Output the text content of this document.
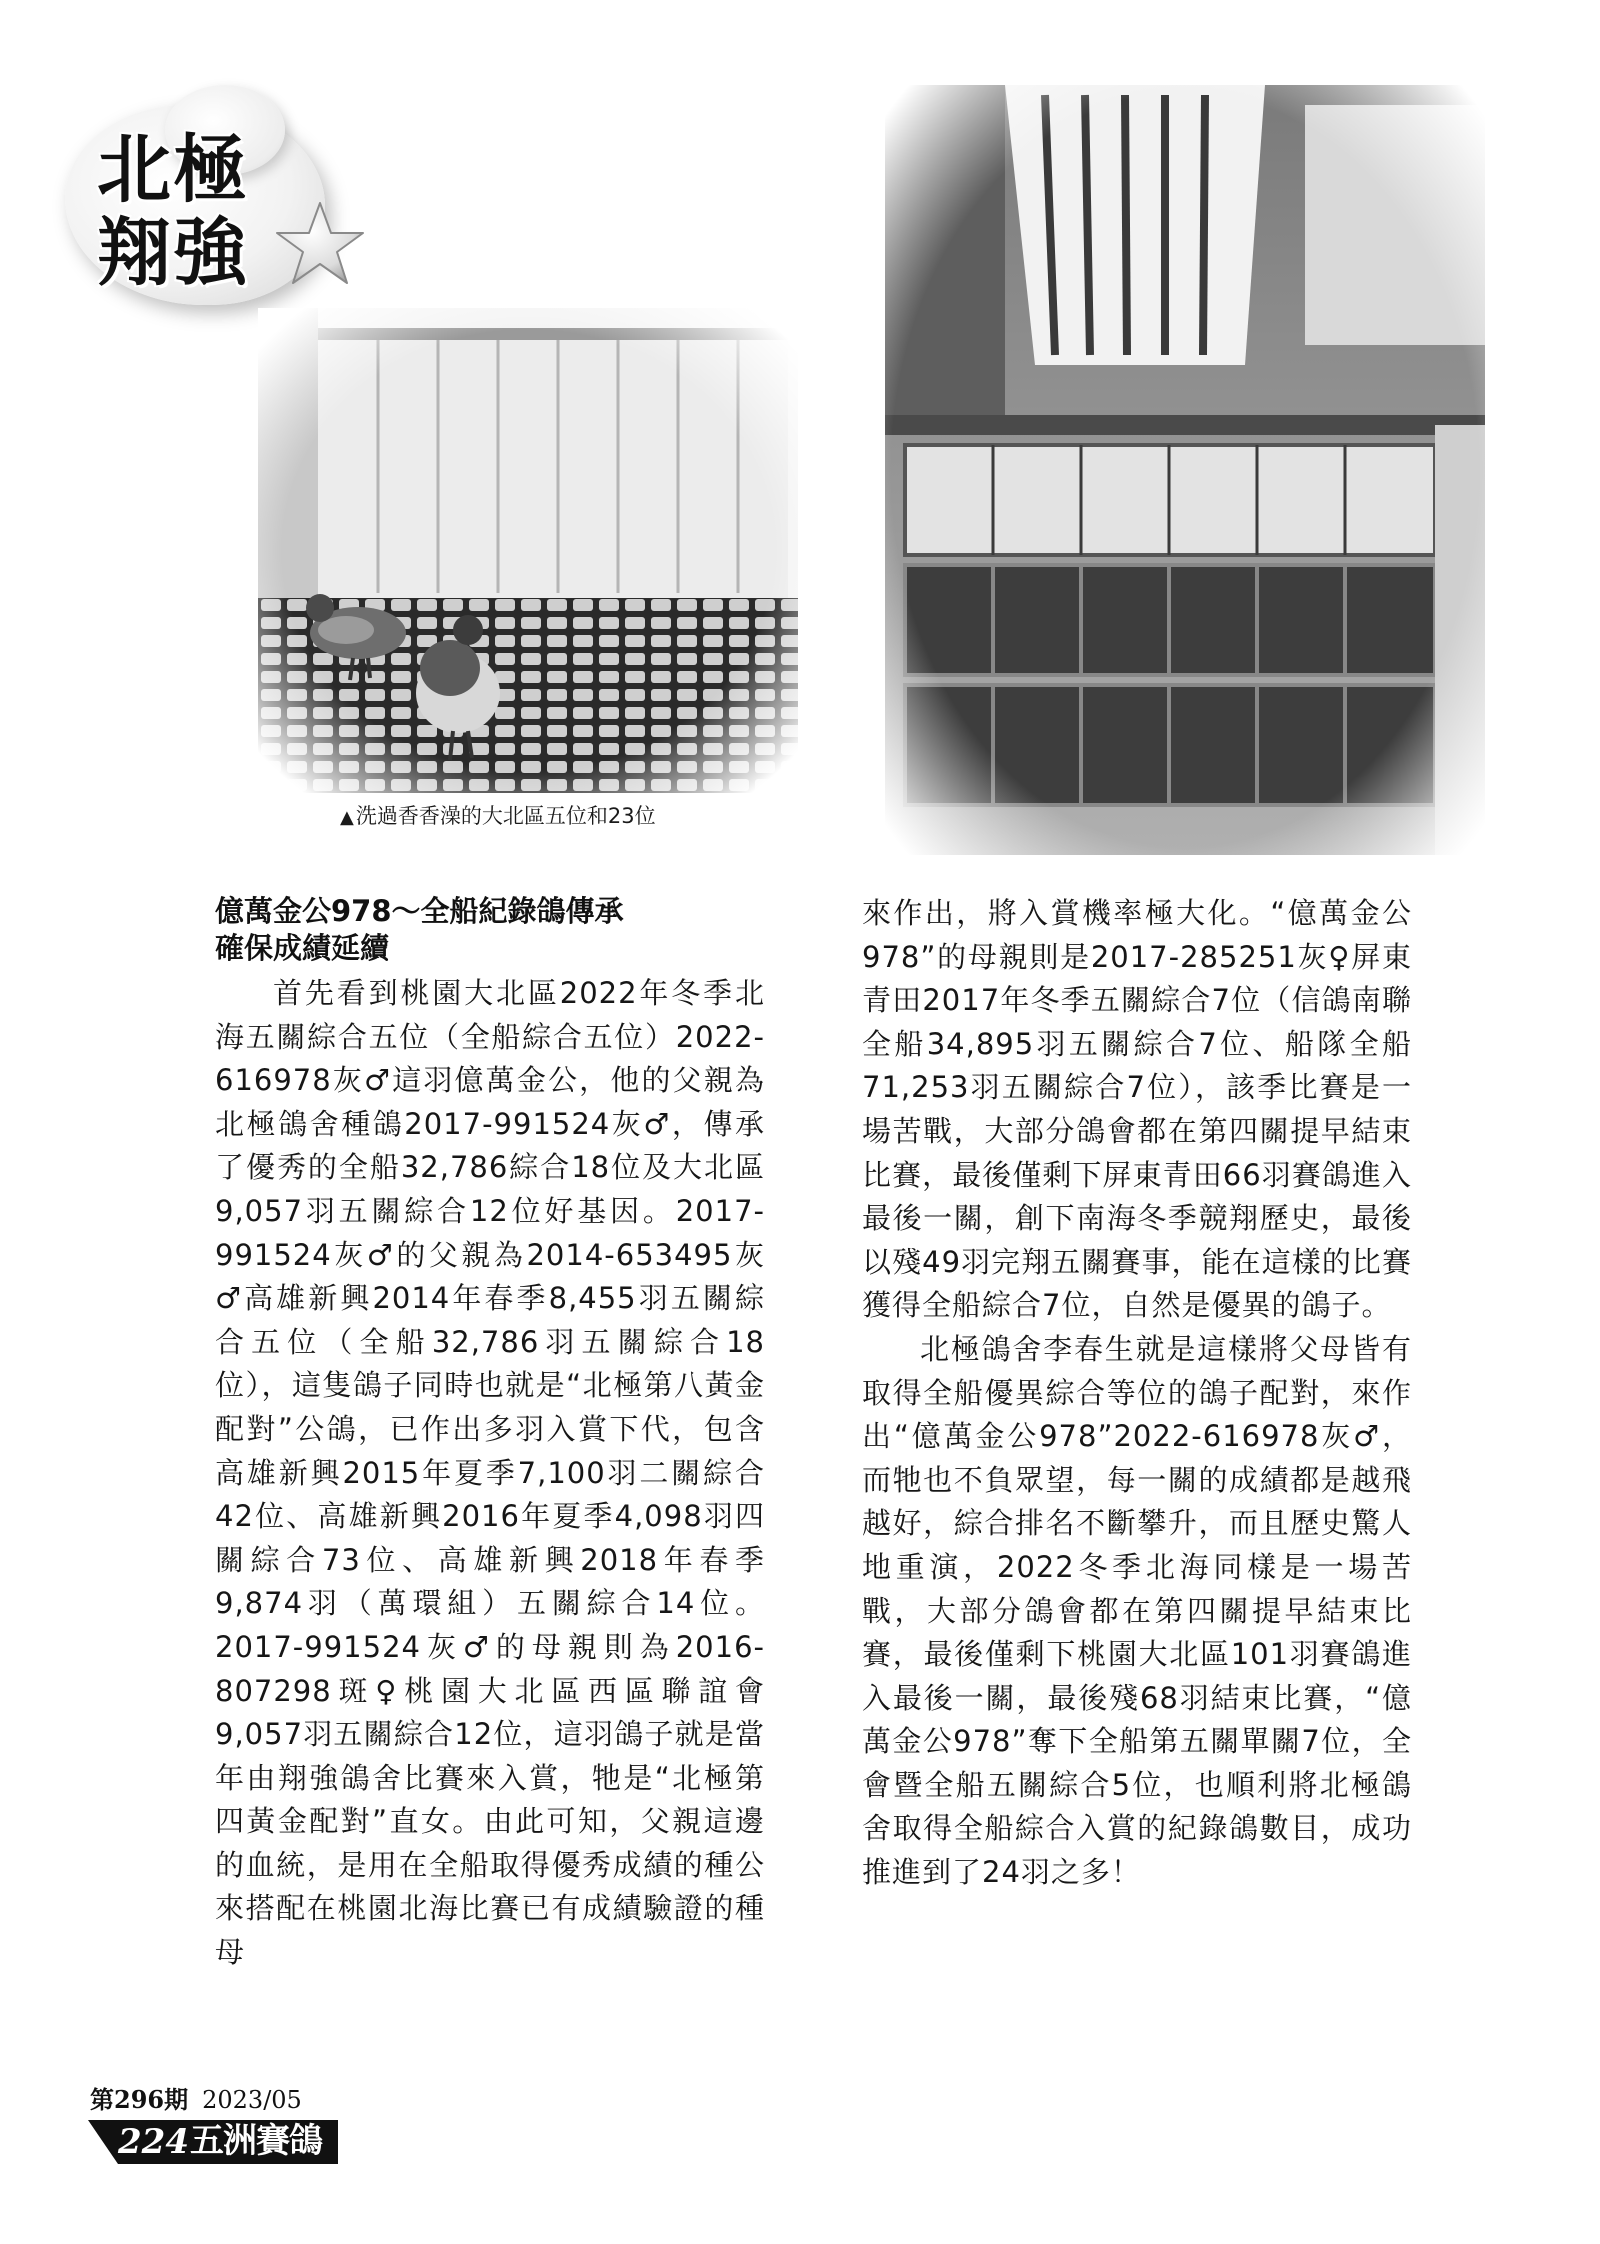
北極
翔強
▲洗過香香澡的大北區五位和23位
億萬金公978～全船紀錄鴿傳承
確保成績延續

首先看到桃園大北區2022年冬季北海五關綜合五位（全船綜合五位）2022-616978灰♂這羽億萬金公，他的父親為北極鴿舍種鴿2017-991524灰♂，傳承了優秀的全船32,786綜合18位及大北區9,057羽五關綜合12位好基因。2017-991524灰♂的父親為2014-653495灰♂高雄新興2014年春季8,455羽五關綜合五位（全船32,786羽五關綜合18位），這隻鴿子同時也就是“北極第八黃金配對”公鴿，已作出多羽入賞下代，包含高雄新興2015年夏季7,100羽二關綜合42位、高雄新興2016年夏季4,098羽四關綜合73位、高雄新興2018年春季9,874羽（萬環組）五關綜合14位。2017-991524灰♂的母親則為2016-807298斑♀桃園大北區西區聯誼會9,057羽五關綜合12位，這羽鴿子就是當年由翔強鴿舍比賽來入賞，牠是“北極第四黃金配對”直女。由此可知，父親這邊的血統，是用在全船取得優秀成績的種公來搭配在桃園北海比賽已有成績驗證的種母

來作出，將入賞機率極大化。“億萬金公978”的母親則是2017-285251灰♀屏東青田2017年冬季五關綜合7位（信鴿南聯全船34,895羽五關綜合7位、船隊全船71,253羽五關綜合7位），該季比賽是一場苦戰，大部分鴿會都在第四關提早結束比賽，最後僅剩下屏東青田66羽賽鴿進入最後一關，創下南海冬季競翔歷史，最後以殘49羽完翔五關賽事，能在這樣的比賽獲得全船綜合7位，自然是優異的鴿子。

北極鴿舍李春生就是這樣將父母皆有取得全船優異綜合等位的鴿子配對，來作出“億萬金公978”2022-616978灰♂，而牠也不負眾望，每一關的成績都是越飛越好，綜合排名不斷攀升，而且歷史驚人地重演，2022冬季北海同樣是一場苦戰，大部分鴿會都在第四關提早結束比賽，最後僅剩下桃園大北區101羽賽鴿進入最後一關，最後殘68羽結束比賽，“億萬金公978”奪下全船第五關單關7位，全會暨全船五關綜合5位，也順利將北極鴿舍取得全船綜合入賞的紀錄鴿數目，成功推進到了24羽之多！

第296期 2023/05
224 五洲賽鴿
